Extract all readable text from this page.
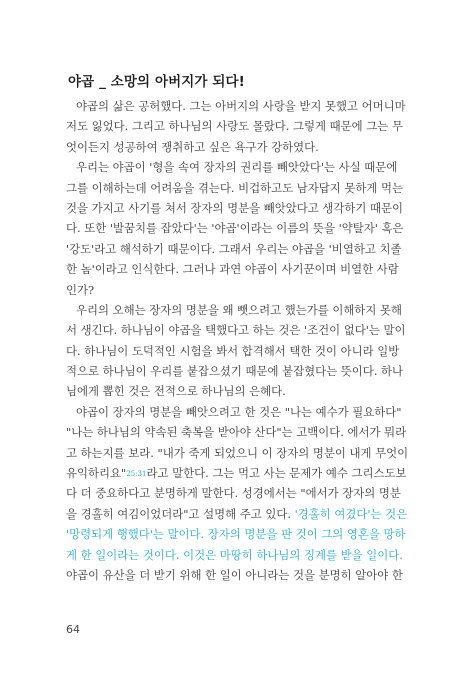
야곱 _ 소망의 아버지가 되다!
야곱의 삶은 공허했다. 그는 아버지의 사랑을 받지 못했고 어머니마
저도 잃었다. 그리고 하나님의 사랑도 몰랐다. 그렇게 때문에 그는 무
엇이든지 성공하여 쟁취하고 싶은 욕구가 강하였다.
우리는 야곱이 '형을 속여 장자의 권리를 빼앗았다'는 사실 때문에
그를 이해하는데 어려움을 겪는다. 비겁하고도 남자답지 못하게 먹는
것을 가지고 사기를 쳐서 장자의 명분을 빼앗았다고 생각하기 때문이
다. 또한 '발꿈치를 잡았다'는 '야곱'이라는 이름의 뜻을 '약탈자' 혹은
'강도'라고 해석하기 때문이다. 그래서 우리는 야곱을 '비열하고 치졸
한 놈'이라고 인식한다. 그러나 과연 야곱이 사기꾼이며 비열한 사람
인가?
우리의 오해는 장자의 명분을 왜 뺏으려고 했는가를 이해하지 못해
서 생긴다. 하나님이 야곱을 택했다고 하는 것은 '조건이 없다'는 말이
다. 하나님이 도덕적인 시험을 봐서 합격해서 택한 것이 아니라 일방
적으로 하나님이 우리를 붙잡으셨기 때문에 붙잡혔다는 뜻이다. 하나
님에게 뽑힌 것은 전적으로 하나님의 은혜다.
야곱이 장자의 명분을 빼앗으려고 한 것은 "나는 예수가 필요하다"
"나는 하나님의 약속된 축복을 받아야 산다"는 고백이다. 에서가 뭐라
고 하는지를 보라. "내가 죽게 되었으니 이 장자의 명분이 내게 무엇이
유익하리요"25:31라고 말한다. 그는 먹고 사는 문제가 예수 그리스도보
다 더 중요하다고 분명하게 말한다. 성경에서는 "에서가 장자의 명분
을 경홀히 여김이었더라"고 설명해 주고 있다. '경홀히 여겼다'는 것은
'망령되게 행했다'는 말이다. 장자의 명분을 판 것이 그의 영혼을 망하
게 한 일이라는 것이다. 이것은 마땅히 하나님의 징계를 받을 일이다.
야곱이 유산을 더 받기 위해 한 일이 아니라는 것을 분명히 알아야 한
64
